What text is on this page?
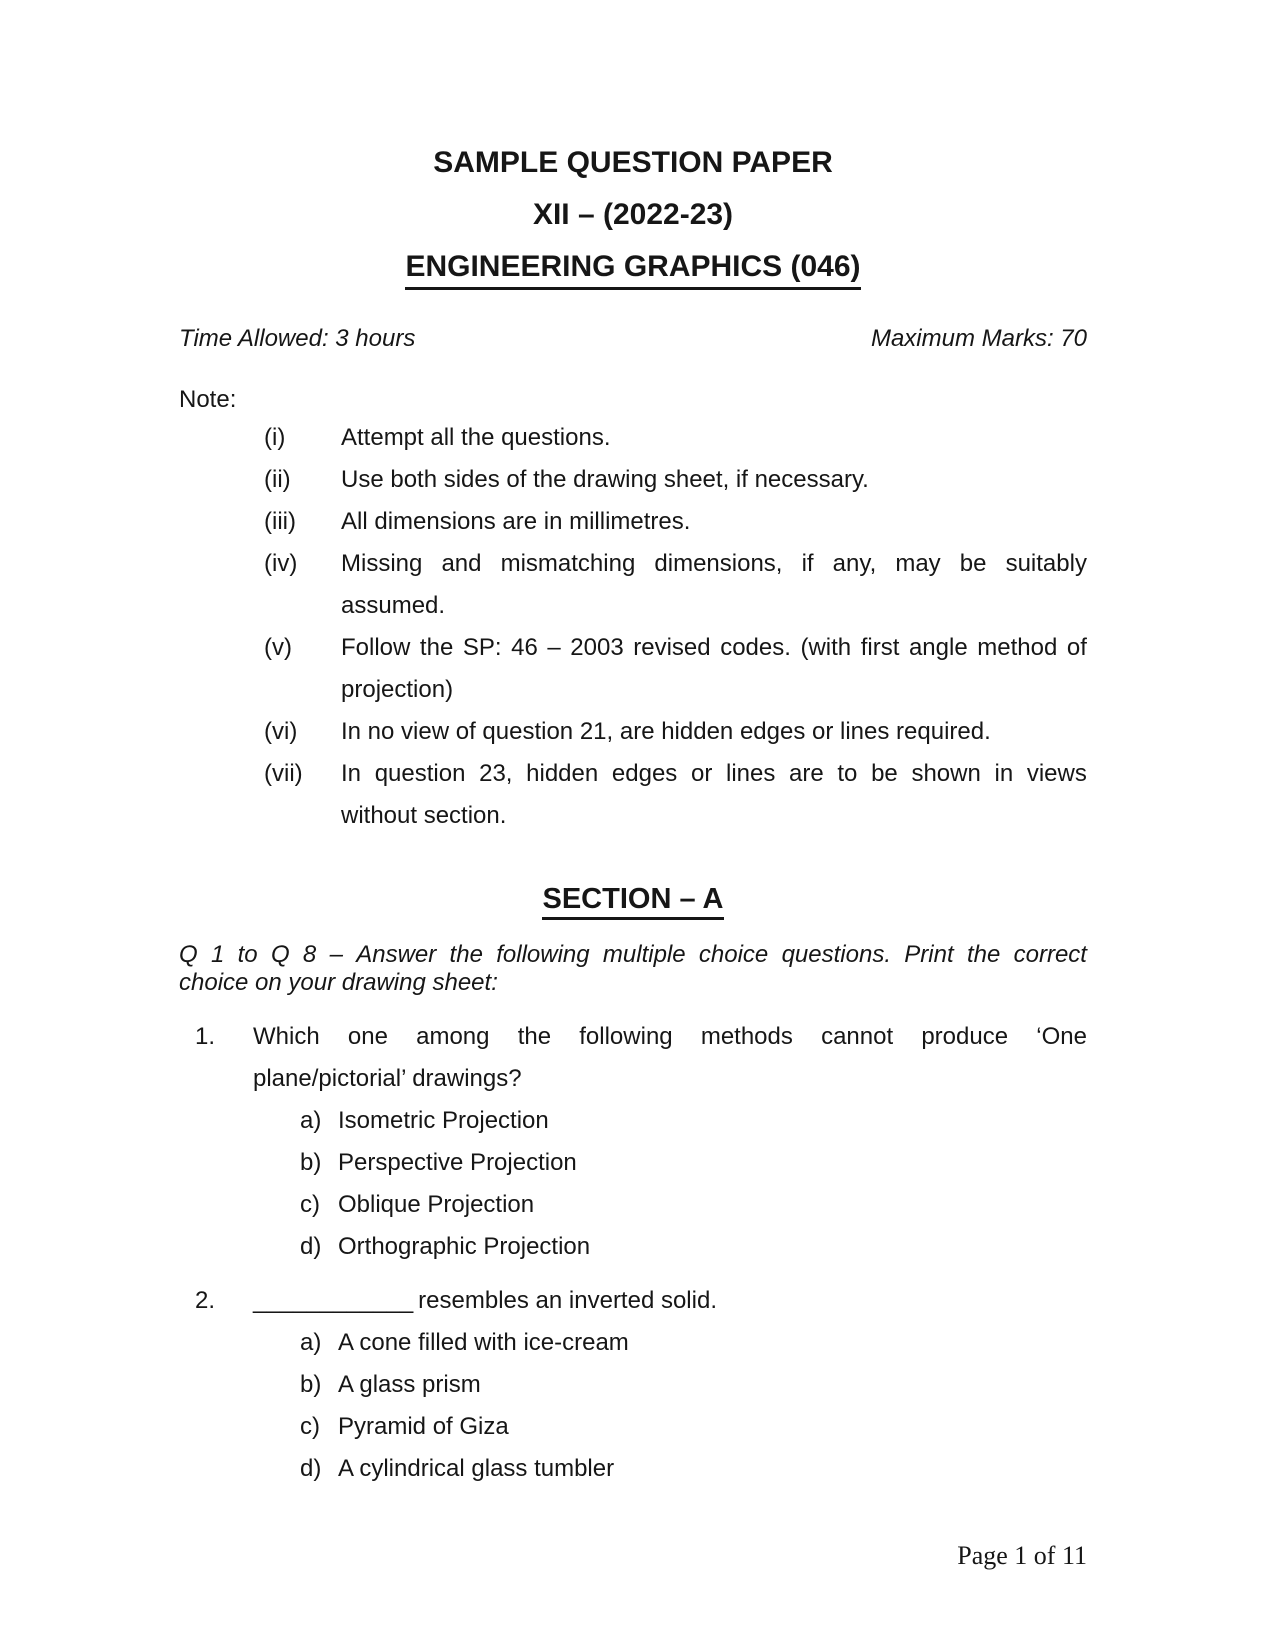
SAMPLE QUESTION PAPER
XII – (2022-23)
ENGINEERING GRAPHICS (046)
Time Allowed: 3 hours	Maximum Marks: 70
Note:
(i)	Attempt all the questions.
(ii)	Use both sides of the drawing sheet, if necessary.
(iii)	All dimensions are in millimetres.
(iv)	Missing and mismatching dimensions, if any, may be suitably
assumed.
(v)	Follow the SP: 46 – 2003 revised codes. (with first angle method of
projection)
(vi)	In no view of question 21, are hidden edges or lines required.
(vii)	In question 23, hidden edges or lines are to be shown in views
without section.
SECTION – A
Q 1 to Q 8 – Answer the following multiple choice questions. Print the correct
choice on your drawing sheet:
1.	Which one among the following methods cannot produce ‘One
plane/pictorial’ drawings?
a) Isometric Projection
b) Perspective Projection
c) Oblique Projection
d) Orthographic Projection
2.	____________ resembles an inverted solid.
a) A cone filled with ice-cream
b) A glass prism
c) Pyramid of Giza
d) A cylindrical glass tumbler
Page 1 of 11
